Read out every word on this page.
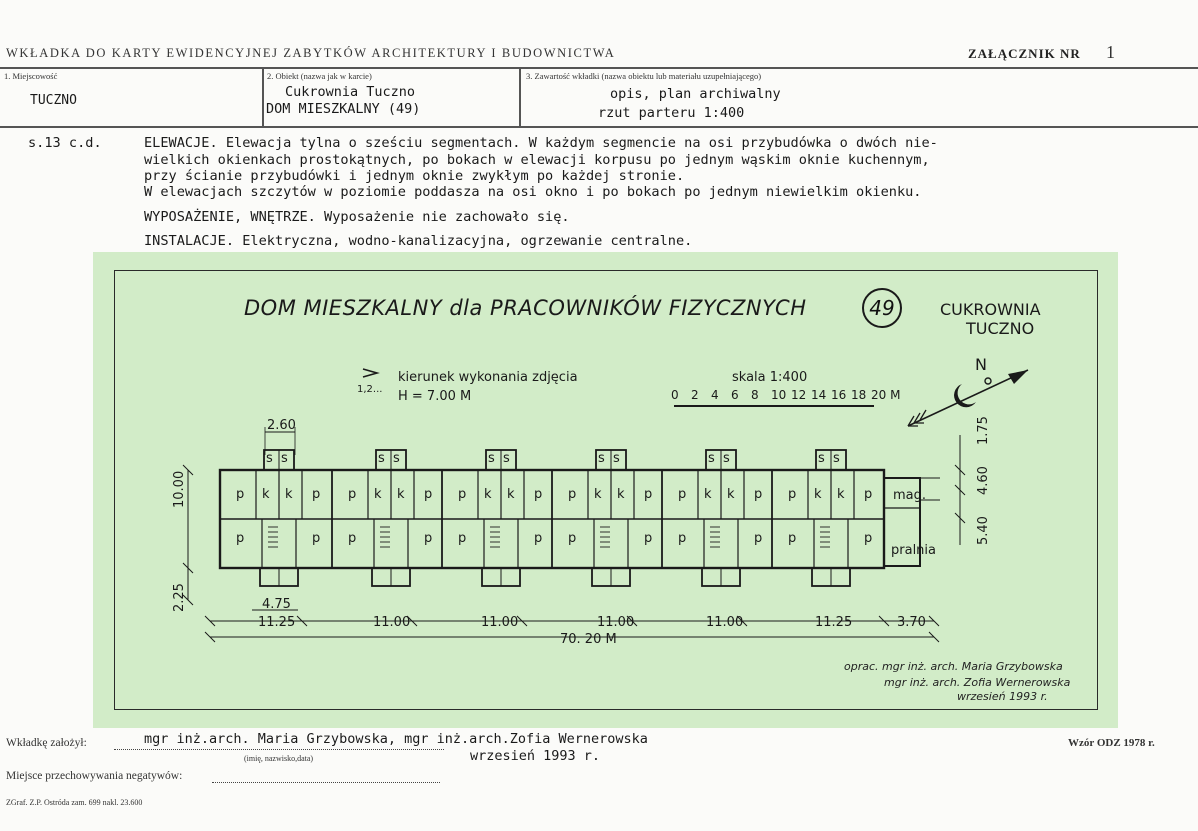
WKŁADKA DO KARTY EWIDENCYJNEJ ZABYTKÓW ARCHITEKTURY I BUDOWNICTWA	ZAŁĄCZNIK NR 1
1. Miejscowość
TUCZNO
2. Obiekt (nazwa jak w karcie)
Cukrownia Tuczno
DOM MIESZKALNY (49)
3. Zawartość wkładki (nazwa obiektu lub materiału uzupełniającego)
opis, plan archiwalny
rzut parteru 1:400
s.13 c.d.	ELEWACJE. Elewacja tylna o sześciu segmentach. W każdym segmencie na osi przybudówka o dwóch nie-
wielkich okienkach prostokątnych, po bokach w elewacji korpusu po jednym wąskim oknie kuchennym,
przy ścianie przybudówki i jednym oknie zwykłym po każdej stronie.
W elewacjach szczytów w poziomie poddasza na osi okno i po bokach po jednym niewielkim okienku.
WYPOSAŻENIE, WNĘTRZE. Wyposażenie nie zachowało się.
INSTALACJE. Elektryczna, wodno-kanalizacyjna, ogrzewanie centralne.
DOM MIESZKALNY dla PRACOWNIKÓW FIZYCZNYCH	49	CUKROWNIA
TUCZNO
1,2...
kierunek wykonania zdjęcia
H = 7.00 M
skala 1:400
0 2 4 6 8 10 12 14 16 18 20 M
N
s s
p k k p
p	p
s s
p k k p
p	p
s s
p k k p
p	p
s s
p k k p
p	p
s s
p k k p
p	p
s s
p k k p
p	p
mag.
pralnia
2.60
10.00
2.25	4.75
1.75
4.60
5.40
11.25	11.00	11.00	11.00	11.00	11.25	3.70
70. 20 M
oprac. mgr inż. arch. Maria Grzybowska
mgr inż. arch. Zofia Wernerowska
wrzesień 1993 r.
Wkładkę założył:	mgr inż.arch. Maria Grzybowska, mgr inż.arch.Zofia Wernerowska
(imię, nazwisko,data)	wrzesień 1993 r.
Wzór ODZ 1978 r.
Miejsce przechowywania negatywów:
ZGraf. Z.P. Ostróda zam. 699 nakl. 23.600
